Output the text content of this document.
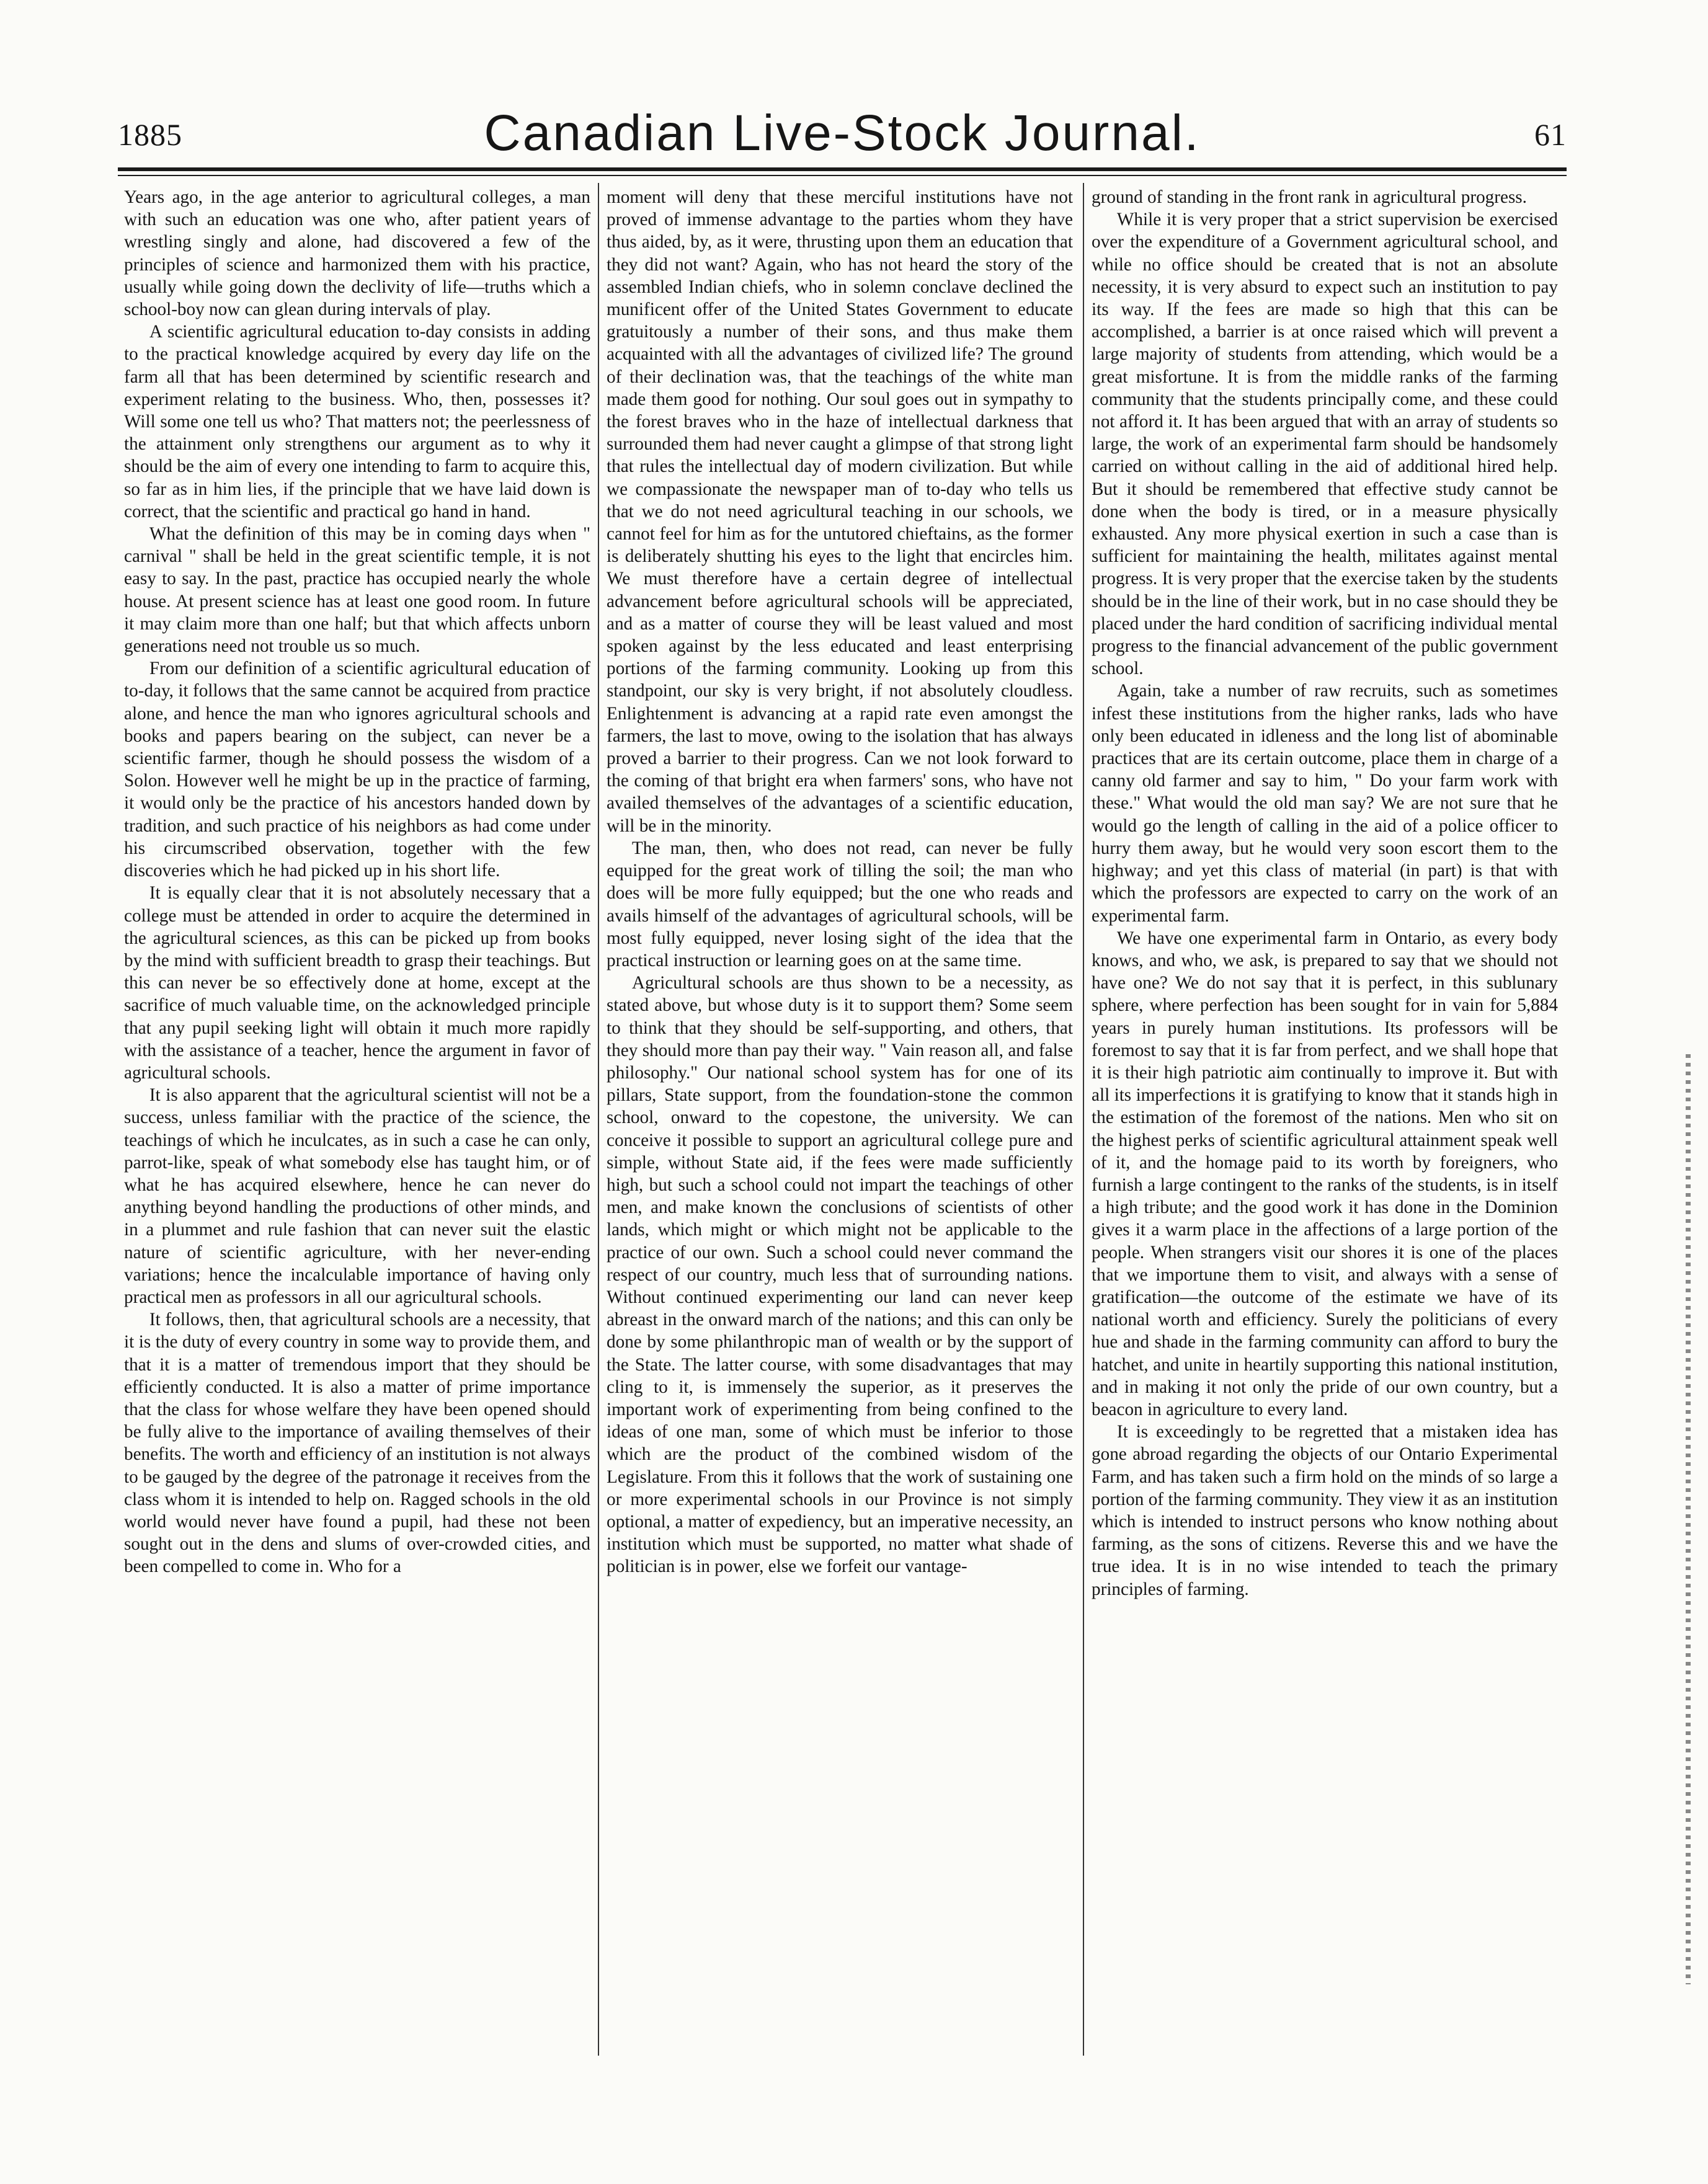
1885	Canadian Live-Stock Journal.	61

Years ago, in the age anterior to agricultural colleges, a man with such an education was one who, after patient years of wrestling singly and alone, had discovered a few of the principles of science and harmonized them with his practice, usually while going down the declivity of life—truths which a school-boy now can glean during intervals of play.

A scientific agricultural education to-day consists in adding to the practical knowledge acquired by every day life on the farm all that has been determined by scientific research and experiment relating to the business. Who, then, possesses it? Will some one tell us who? That matters not; the peerlessness of the attainment only strengthens our argument as to why it should be the aim of every one intending to farm to acquire this, so far as in him lies, if the principle that we have laid down is correct, that the scientific and practical go hand in hand.

What the definition of this may be in coming days when " carnival " shall be held in the great scientific temple, it is not easy to say. In the past, practice has occupied nearly the whole house. At present science has at least one good room. In future it may claim more than one half; but that which affects unborn generations need not trouble us so much.

From our definition of a scientific agricultural education of to-day, it follows that the same cannot be acquired from practice alone, and hence the man who ignores agricultural schools and books and papers bearing on the subject, can never be a scientific farmer, though he should possess the wisdom of a Solon. However well he might be up in the practice of farming, it would only be the practice of his ancestors handed down by tradition, and such practice of his neighbors as had come under his circumscribed observation, together with the few discoveries which he had picked up in his short life.

It is equally clear that it is not absolutely necessary that a college must be attended in order to acquire the determined in the agricultural sciences, as this can be picked up from books by the mind with sufficient breadth to grasp their teachings. But this can never be so effectively done at home, except at the sacrifice of much valuable time, on the acknowledged principle that any pupil seeking light will obtain it much more rapidly with the assistance of a teacher, hence the argument in favor of agricultural schools.

It is also apparent that the agricultural scientist will not be a success, unless familiar with the practice of the science, the teachings of which he inculcates, as in such a case he can only, parrot-like, speak of what somebody else has taught him, or of what he has acquired elsewhere, hence he can never do anything beyond handling the productions of other minds, and in a plummet and rule fashion that can never suit the elastic nature of scientific agriculture, with her never-ending variations; hence the incalculable importance of having only practical men as professors in all our agricultural schools.

It follows, then, that agricultural schools are a necessity, that it is the duty of every country in some way to provide them, and that it is a matter of tremendous import that they should be efficiently conducted. It is also a matter of prime importance that the class for whose welfare they have been opened should be fully alive to the importance of availing themselves of their benefits. The worth and efficiency of an institution is not always to be gauged by the degree of the patronage it receives from the class whom it is intended to help on. Ragged schools in the old world would never have found a pupil, had these not been sought out in the dens and slums of over-crowded cities, and been compelled to come in. Who for a

moment will deny that these merciful institutions have not proved of immense advantage to the parties whom they have thus aided, by, as it were, thrusting upon them an education that they did not want? Again, who has not heard the story of the assembled Indian chiefs, who in solemn conclave declined the munificent offer of the United States Government to educate gratuitously a number of their sons, and thus make them acquainted with all the advantages of civilized life? The ground of their declination was, that the teachings of the white man made them good for nothing. Our soul goes out in sympathy to the forest braves who in the haze of intellectual darkness that surrounded them had never caught a glimpse of that strong light that rules the intellectual day of modern civilization. But while we compassionate the newspaper man of to-day who tells us that we do not need agricultural teaching in our schools, we cannot feel for him as for the untutored chieftains, as the former is deliberately shutting his eyes to the light that encircles him. We must therefore have a certain degree of intellectual advancement before agricultural schools will be appreciated, and as a matter of course they will be least valued and most spoken against by the less educated and least enterprising portions of the farming community. Looking up from this standpoint, our sky is very bright, if not absolutely cloudless. Enlightenment is advancing at a rapid rate even amongst the farmers, the last to move, owing to the isolation that has always proved a barrier to their progress. Can we not look forward to the coming of that bright era when farmers' sons, who have not availed themselves of the advantages of a scientific education, will be in the minority.

The man, then, who does not read, can never be fully equipped for the great work of tilling the soil; the man who does will be more fully equipped; but the one who reads and avails himself of the advantages of agricultural schools, will be most fully equipped, never losing sight of the idea that the practical instruction or learning goes on at the same time.

Agricultural schools are thus shown to be a necessity, as stated above, but whose duty is it to support them? Some seem to think that they should be self-supporting, and others, that they should more than pay their way. " Vain reason all, and false philosophy." Our national school system has for one of its pillars, State support, from the foundation-stone the common school, onward to the copestone, the university. We can conceive it possible to support an agricultural college pure and simple, without State aid, if the fees were made sufficiently high, but such a school could not impart the teachings of other men, and make known the conclusions of scientists of other lands, which might or which might not be applicable to the practice of our own. Such a school could never command the respect of our country, much less that of surrounding nations. Without continued experimenting our land can never keep abreast in the onward march of the nations; and this can only be done by some philanthropic man of wealth or by the support of the State. The latter course, with some disadvantages that may cling to it, is immensely the superior, as it preserves the important work of experimenting from being confined to the ideas of one man, some of which must be inferior to those which are the product of the combined wisdom of the Legislature. From this it follows that the work of sustaining one or more experimental schools in our Province is not simply optional, a matter of expediency, but an imperative necessity, an institution which must be supported, no matter what shade of politician is in power, else we forfeit our vantage-

ground of standing in the front rank in agricultural progress.

While it is very proper that a strict supervision be exercised over the expenditure of a Government agricultural school, and while no office should be created that is not an absolute necessity, it is very absurd to expect such an institution to pay its way. If the fees are made so high that this can be accomplished, a barrier is at once raised which will prevent a large majority of students from attending, which would be a great misfortune. It is from the middle ranks of the farming community that the students principally come, and these could not afford it. It has been argued that with an array of students so large, the work of an experimental farm should be handsomely carried on without calling in the aid of additional hired help. But it should be remembered that effective study cannot be done when the body is tired, or in a measure physically exhausted. Any more physical exertion in such a case than is sufficient for maintaining the health, militates against mental progress. It is very proper that the exercise taken by the students should be in the line of their work, but in no case should they be placed under the hard condition of sacrificing individual mental progress to the financial advancement of the public government school.

Again, take a number of raw recruits, such as sometimes infest these institutions from the higher ranks, lads who have only been educated in idleness and the long list of abominable practices that are its certain outcome, place them in charge of a canny old farmer and say to him, " Do your farm work with these." What would the old man say? We are not sure that he would go the length of calling in the aid of a police officer to hurry them away, but he would very soon escort them to the highway; and yet this class of material (in part) is that with which the professors are expected to carry on the work of an experimental farm.

We have one experimental farm in Ontario, as every body knows, and who, we ask, is prepared to say that we should not have one? We do not say that it is perfect, in this sublunary sphere, where perfection has been sought for in vain for 5,884 years in purely human institutions. Its professors will be foremost to say that it is far from perfect, and we shall hope that it is their high patriotic aim continually to improve it. But with all its imperfections it is gratifying to know that it stands high in the estimation of the foremost of the nations. Men who sit on the highest perks of scientific agricultural attainment speak well of it, and the homage paid to its worth by foreigners, who furnish a large contingent to the ranks of the students, is in itself a high tribute; and the good work it has done in the Dominion gives it a warm place in the affections of a large portion of the people. When strangers visit our shores it is one of the places that we importune them to visit, and always with a sense of gratification—the outcome of the estimate we have of its national worth and efficiency. Surely the politicians of every hue and shade in the farming community can afford to bury the hatchet, and unite in heartily supporting this national institution, and in making it not only the pride of our own country, but a beacon in agriculture to every land.

It is exceedingly to be regretted that a mistaken idea has gone abroad regarding the objects of our Ontario Experimental Farm, and has taken such a firm hold on the minds of so large a portion of the farming community. They view it as an institution which is intended to instruct persons who know nothing about farming, as the sons of citizens. Reverse this and we have the true idea. It is in no wise intended to teach the primary principles of farming.
